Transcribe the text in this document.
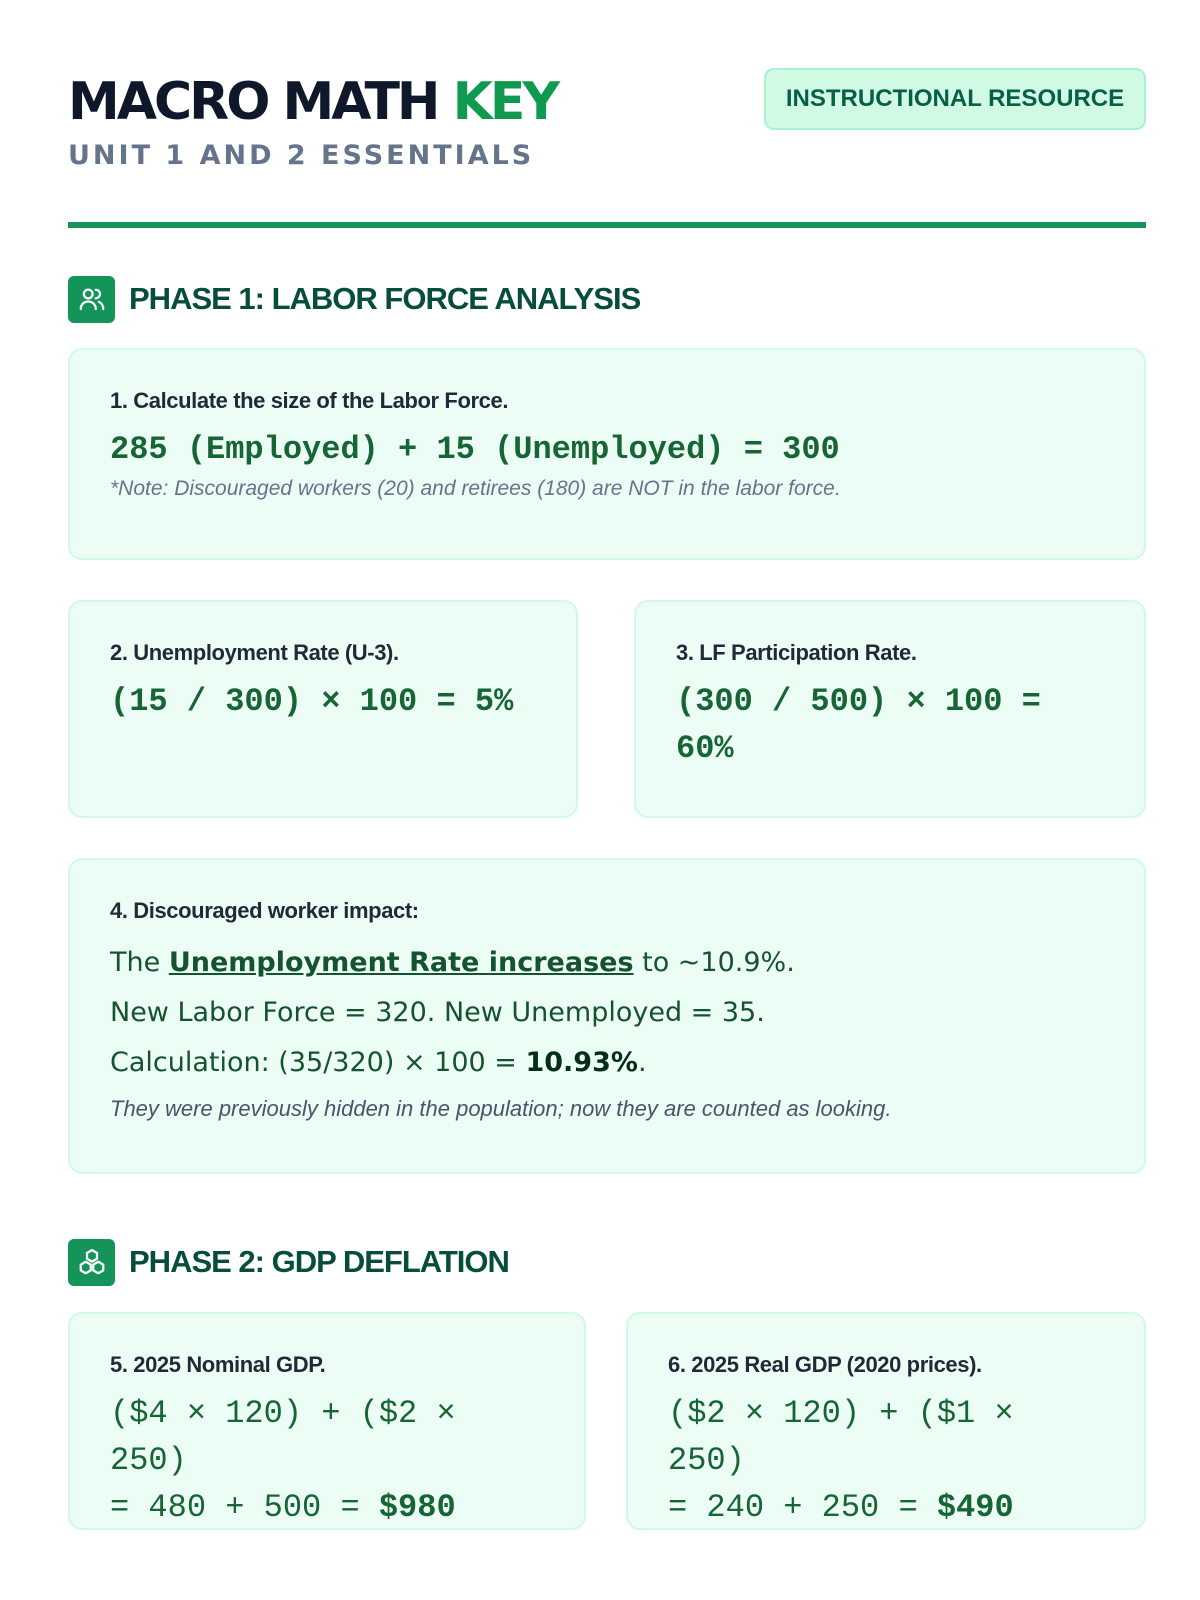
MACRO MATH KEY
UNIT 1 AND 2 ESSENTIALS
INSTRUCTIONAL RESOURCE
PHASE 1: LABOR FORCE ANALYSIS
1. Calculate the size of the Labor Force.
285 (Employed) + 15 (Unemployed) = 300
*Note: Discouraged workers (20) and retirees (180) are NOT in the labor force.
2. Unemployment Rate (U-3).
(15 / 300) × 100 = 5%
3. LF Participation Rate.
(300 / 500) × 100 =
60%
4. Discouraged worker impact:
The Unemployment Rate increases to ~10.9%.
New Labor Force = 320. New Unemployed = 35.
Calculation: (35/320) × 100 = 10.93%.
They were previously hidden in the population; now they are counted as looking.
PHASE 2: GDP DEFLATION
5. 2025 Nominal GDP.
($4 × 120) + ($2 × 250)
= 480 + 500 = $980
6. 2025 Real GDP (2020 prices).
($2 × 120) + ($1 × 250)
= 240 + 250 = $490
